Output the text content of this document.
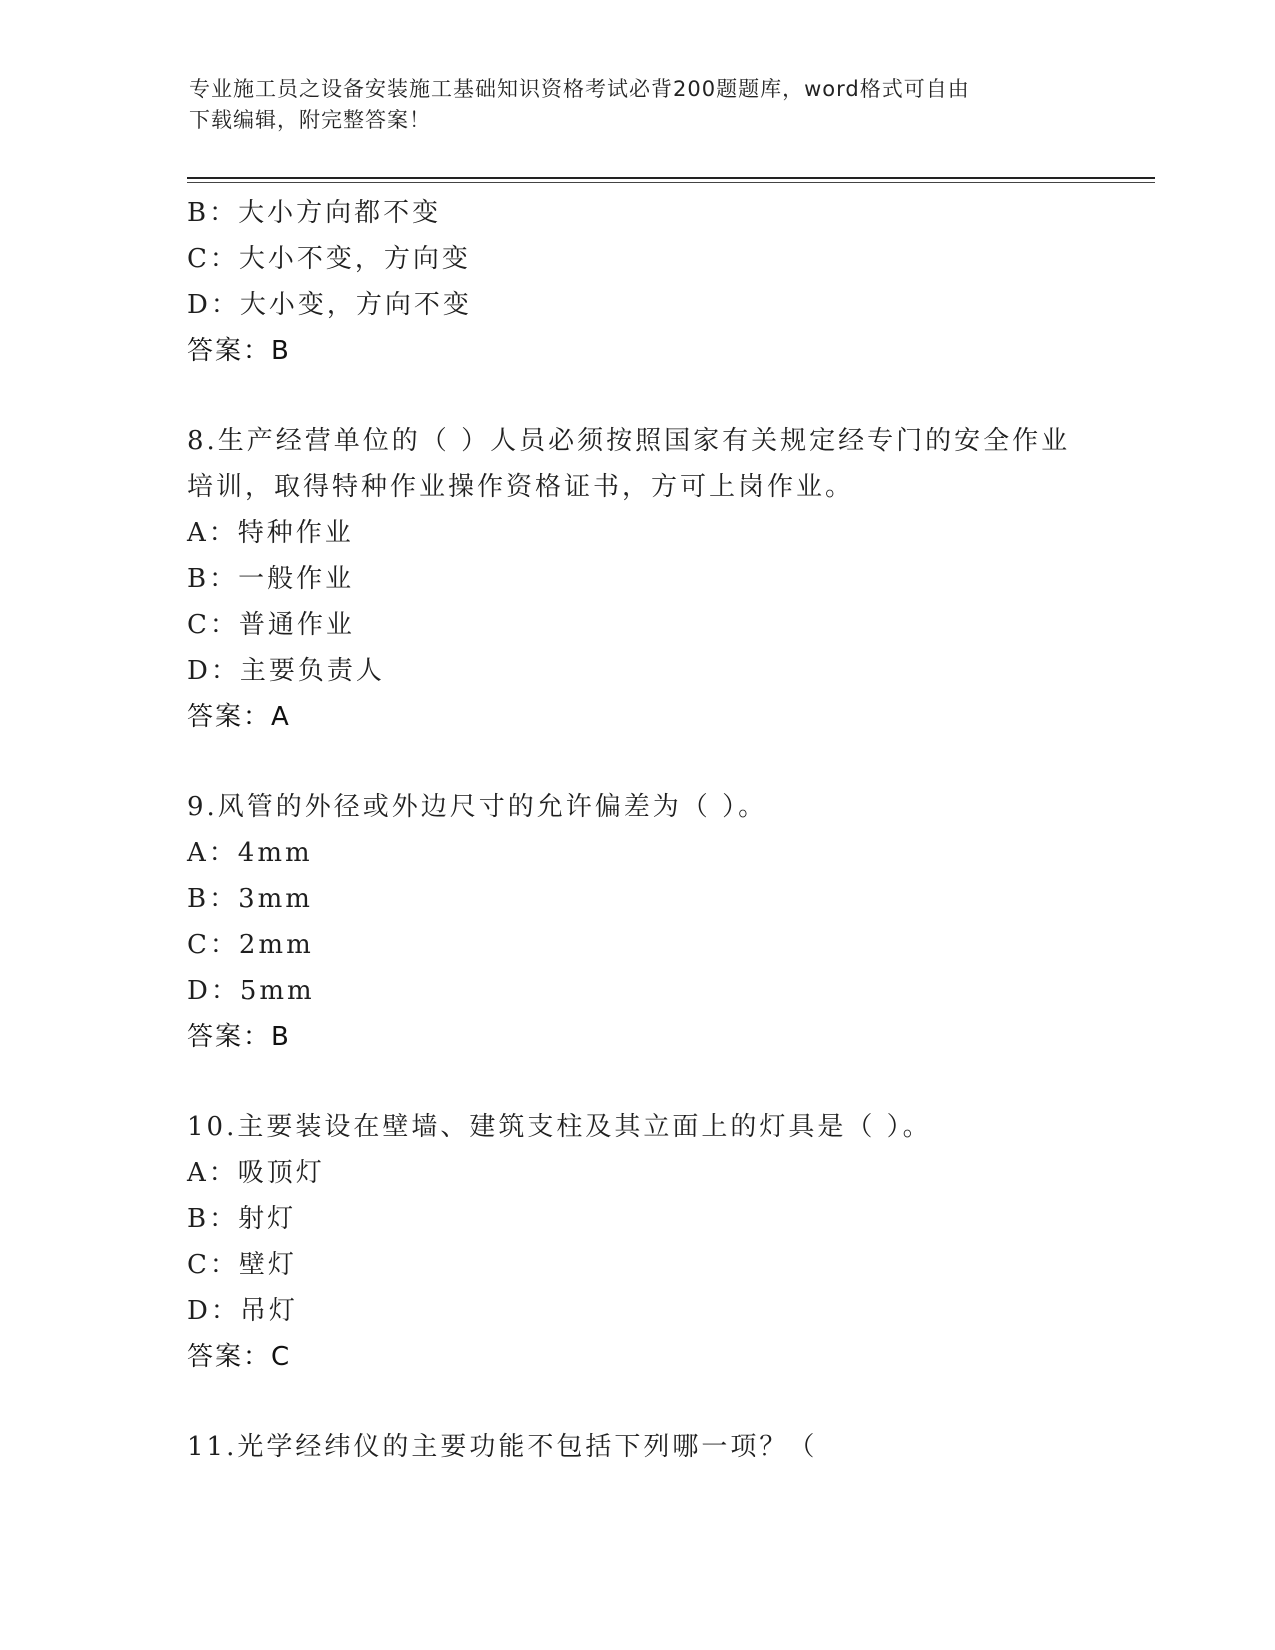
专业施工员之设备安装施工基础知识资格考试必背200题题库，word格式可自由
下载编辑，附完整答案！
B：大小方向都不变
C：大小不变，方向变
D：大小变，方向不变
答案：B
8.生产经营单位的（ ）人员必须按照国家有关规定经专门的安全作业
培训，取得特种作业操作资格证书，方可上岗作业。
A：特种作业
B：一般作业
C：普通作业
D：主要负责人
答案：A
9.风管的外径或外边尺寸的允许偏差为（ ）。
A：4mm
B：3mm
C：2mm
D：5mm
答案：B
10.主要装设在壁墙、建筑支柱及其立面上的灯具是（ ）。
A：吸顶灯
B：射灯
C：壁灯
D：吊灯
答案：C
11.光学经纬仪的主要功能不包括下列哪一项？（
